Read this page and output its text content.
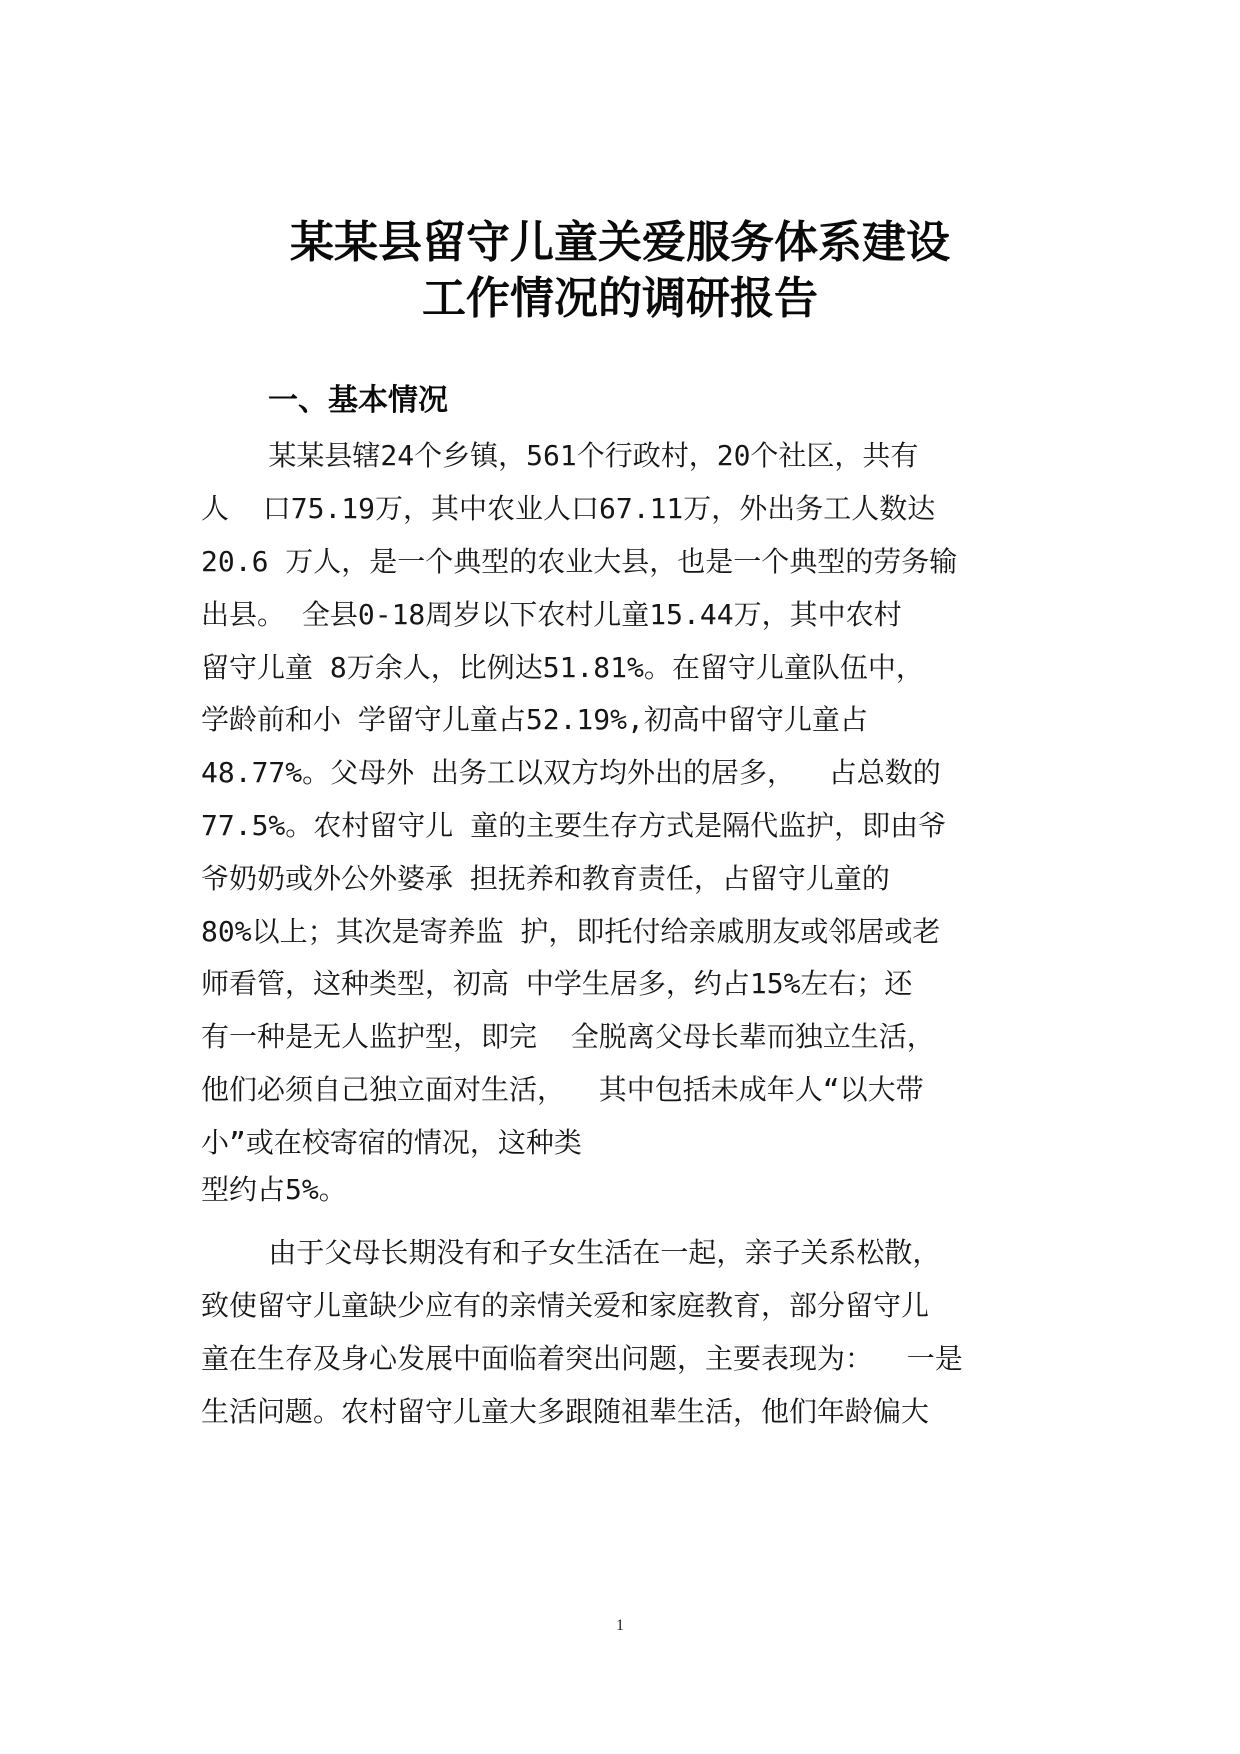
某某县留守儿童关爱服务体系建设
工作情况的调研报告
一、基本情况
某某县辖24个乡镇，561个行政村，20个社区，共有
人  口75.19万，其中农业人口67.11万，外出务工人数达
20.6 万人，是一个典型的农业大县，也是一个典型的劳务输
出县。 全县0-18周岁以下农村儿童15.44万，其中农村
留守儿童 8万余人，比例达51.81%。在留守儿童队伍中，
学龄前和小 学留守儿童占52.19%,初高中留守儿童占
48.77%。父母外 出务工以双方均外出的居多，  占总数的
77.5%。农村留守儿 童的主要生存方式是隔代监护，即由爷
爷奶奶或外公外婆承 担抚养和教育责任，占留守儿童的
80%以上；其次是寄养监 护，即托付给亲戚朋友或邻居或老
师看管，这种类型，初高 中学生居多，约占15%左右；还
有一种是无人监护型，即完  全脱离父母长辈而独立生活，
他们必须自己独立面对生活，  其中包括未成年人“以大带
小”或在校寄宿的情况，这种类
型约占5%。
由于父母长期没有和子女生活在一起，亲子关系松散，
致使留守儿童缺少应有的亲情关爱和家庭教育，部分留守儿
童在生存及身心发展中面临着突出问题，主要表现为：  一是
生活问题。农村留守儿童大多跟随祖辈生活，他们年龄偏大
1
